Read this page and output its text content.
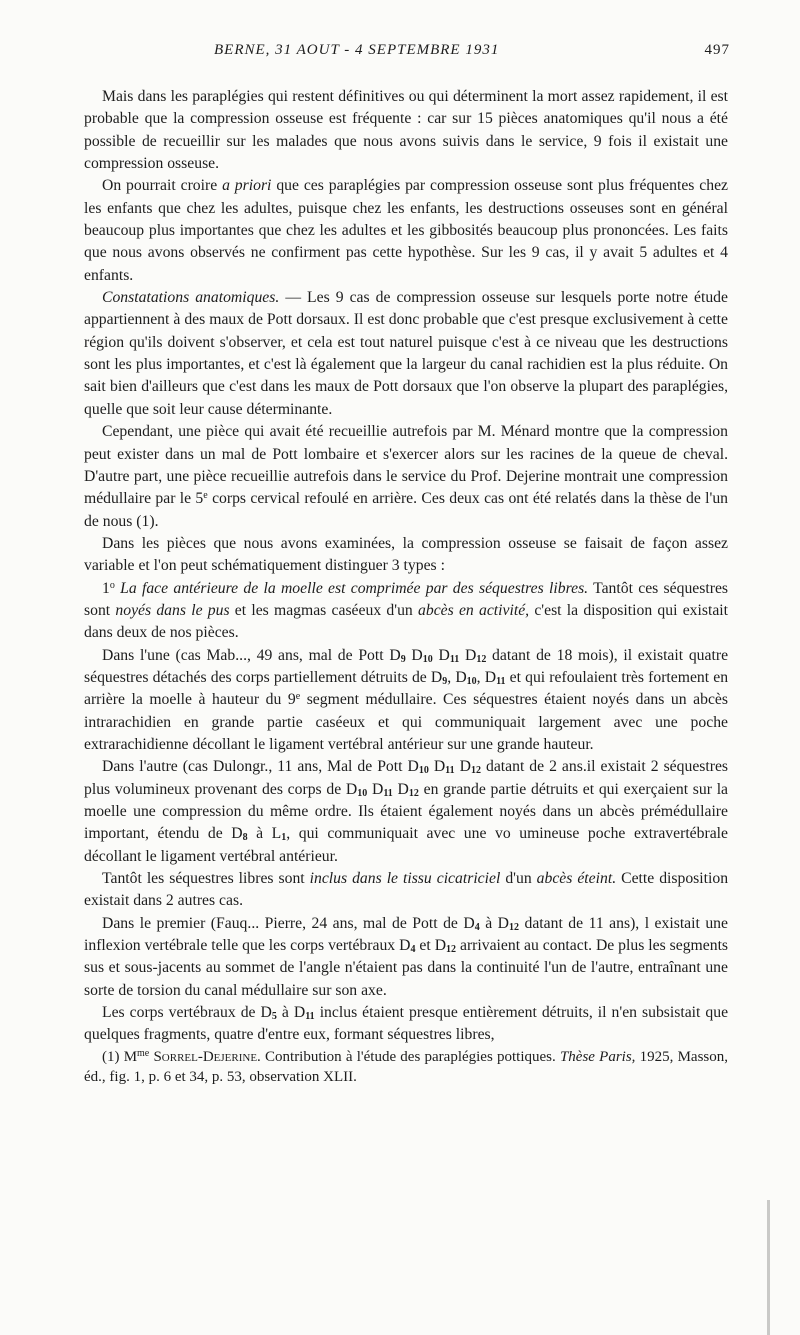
BERNE, 31 AOUT - 4 SEPTEMBRE 1931	497

Mais dans les paraplégies qui restent définitives ou qui déterminent la mort assez rapidement, il est probable que la compression osseuse est fréquente : car sur 15 pièces anatomiques qu'il nous a été possible de recueillir sur les malades que nous avons suivis dans le service, 9 fois il existait une compression osseuse.

On pourrait croire a priori que ces paraplégies par compression osseuse sont plus fréquentes chez les enfants que chez les adultes, puisque chez les enfants, les destructions osseuses sont en général beaucoup plus importantes que chez les adultes et les gibbosités beaucoup plus prononcées. Les faits que nous avons observés ne confirment pas cette hypothèse. Sur les 9 cas, il y avait 5 adultes et 4 enfants.

Constatations anatomiques. — Les 9 cas de compression osseuse sur lesquels porte notre étude appartiennent à des maux de Pott dorsaux. Il est donc probable que c'est presque exclusivement à cette région qu'ils doivent s'observer, et cela est tout naturel puisque c'est à ce niveau que les destructions sont les plus importantes, et c'est là également que la largeur du canal rachidien est la plus réduite. On sait bien d'ailleurs que c'est dans les maux de Pott dorsaux que l'on observe la plupart des paraplégies, quelle que soit leur cause déterminante.

Cependant, une pièce qui avait été recueillie autrefois par M. Ménard montre que la compression peut exister dans un mal de Pott lombaire et s'exercer alors sur les racines de la queue de cheval. D'autre part, une pièce recueillie autrefois dans le service du Prof. Dejerine montrait une compression médullaire par le 5e corps cervical refoulé en arrière. Ces deux cas ont été relatés dans la thèse de l'un de nous (1).

Dans les pièces que nous avons examinées, la compression osseuse se faisait de façon assez variable et l'on peut schématiquement distinguer 3 types :

1$^o$ La face antérieure de la moelle est comprimée par des séquestres libres. Tantôt ces séquestres sont noyés dans le pus et les magmas caséeux d'un abcès en activité, c'est la disposition qui existait dans deux de nos pièces.

Dans l'une (cas Mab..., 49 ans, mal de Pott $D_9$ $D_{10}$ $D_{11}$ $D_{12}$ datant de 18 mois), il existait quatre séquestres détachés des corps partiellement détruits de $D_9$, $D_{10}$, $D_{11}$ et qui refoulaient très fortement en arrière la moelle à hauteur du 9e segment médullaire. Ces séquestres étaient noyés dans un abcès intrarachidien en grande partie caséeux et qui communiquait largement avec une poche extrarachidienne décollant le ligament vertébral antérieur sur une grande hauteur.

Dans l'autre (cas Dulongr., 11 ans, Mal de Pott $D_{10}$ $D_{11}$ $D_{12}$ datant de 2 ans.il existait 2 séquestres plus volumineux provenant des corps de $D_{10}$ $D_{11}$ $D_{12}$ en grande partie détruits et qui exerçaient sur la moelle une compression du même ordre. Ils étaient également noyés dans un abcès prémédullaire important, étendu de $D_8$ à $L_1$, qui communiquait avec une vo umineuse poche extravertébrale décollant le ligament vertébral antérieur.

Tantôt les séquestres libres sont inclus dans le tissu cicatriciel d'un abcès éteint. Cette disposition existait dans 2 autres cas.

Dans le premier (Fauq... Pierre, 24 ans, mal de Pott de $D_4$ à $D_{12}$ datant de 11 ans), l existait une inflexion vertébrale telle que les corps vertébraux $D_4$ et $D_{12}$ arrivaient au contact. De plus les segments sus et sous-jacents au sommet de l'angle n'étaient pas dans la continuité l'un de l'autre, entraînant une sorte de torsion du canal médullaire sur son axe.

Les corps vertébraux de $D_5$ à $D_{11}$ inclus étaient presque entièrement détruits, il n'en subsistait que quelques fragments, quatre d'entre eux, formant séquestres libres,

(1) $M^{me}$ Sorrel-Dejerine. Contribution à l'étude des paraplégies pottiques. Thèse Paris, 1925, Masson, éd., fig. 1, p. 6 et 34, p. 53, observation XLII.
